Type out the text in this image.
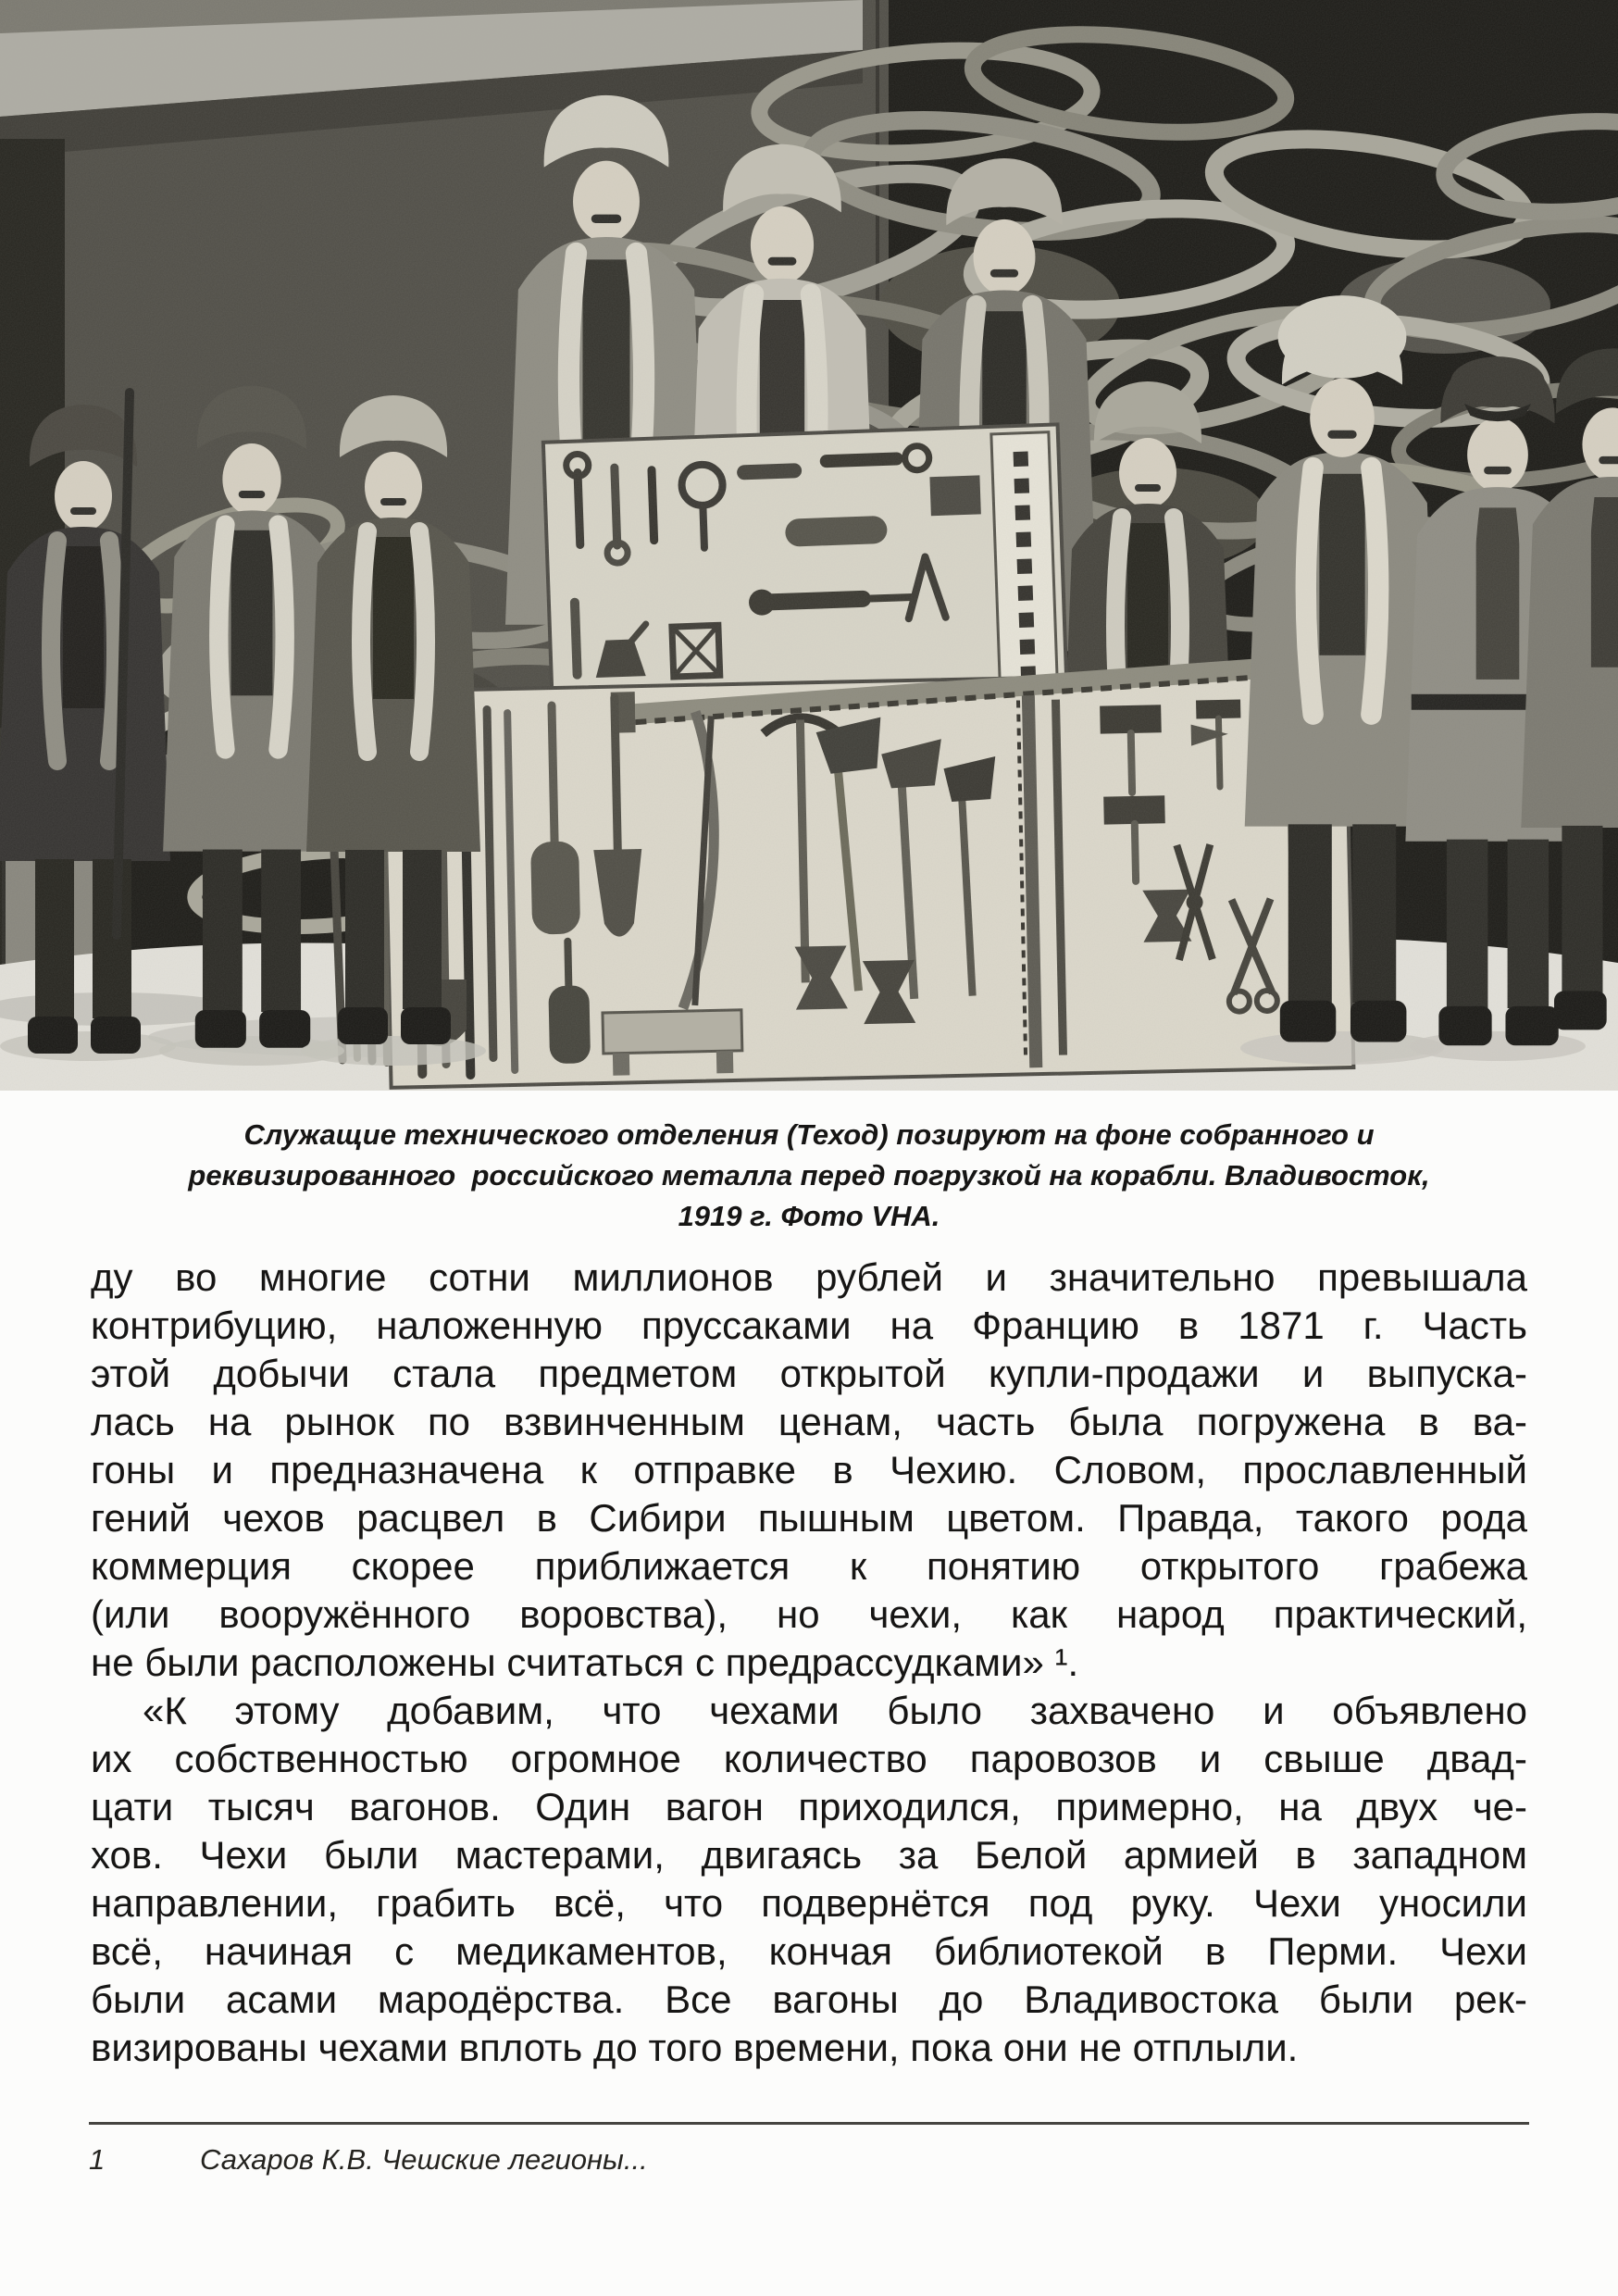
Служащие технического отделения (Теход) позируют на фоне собранного и
реквизированного  российского металла перед погрузкой на корабли. Владивосток,
1919 г. Фото VHA.
ду во многие сотни миллионов рублей и значительно превышала
контрибуцию, наложенную пруссаками на Францию в 1871 г. Часть
этой добычи стала предметом открытой купли-продажи и выпуска-
лась на рынок по взвинченным ценам, часть была погружена в ва-
гоны и предназначена к отправке в Чехию. Словом, прославленный
гений чехов расцвел в Сибири пышным цветом. Правда, такого рода
коммерция скорее приближается к понятию открытого грабежа
(или вооружённого воровства), но чехи, как народ практический,
не были расположены считаться с предрассудками» ¹.
«К этому добавим, что чехами было захвачено и объявлено
их собственностью огромное количество паровозов и свыше двад-
цати тысяч вагонов. Один вагон приходился, примерно, на двух че-
хов. Чехи были мастерами, двигаясь за Белой армией в западном
направлении, грабить всё, что подвернётся под руку. Чехи уносили
всё, начиная с медикаментов, кончая библиотекой в Перми. Чехи
были асами мародёрства. Все вагоны до Владивостока были рек-
визированы чехами вплоть до того времени, пока они не отплыли.
1	Сахаров К.В. Чешские легионы...
